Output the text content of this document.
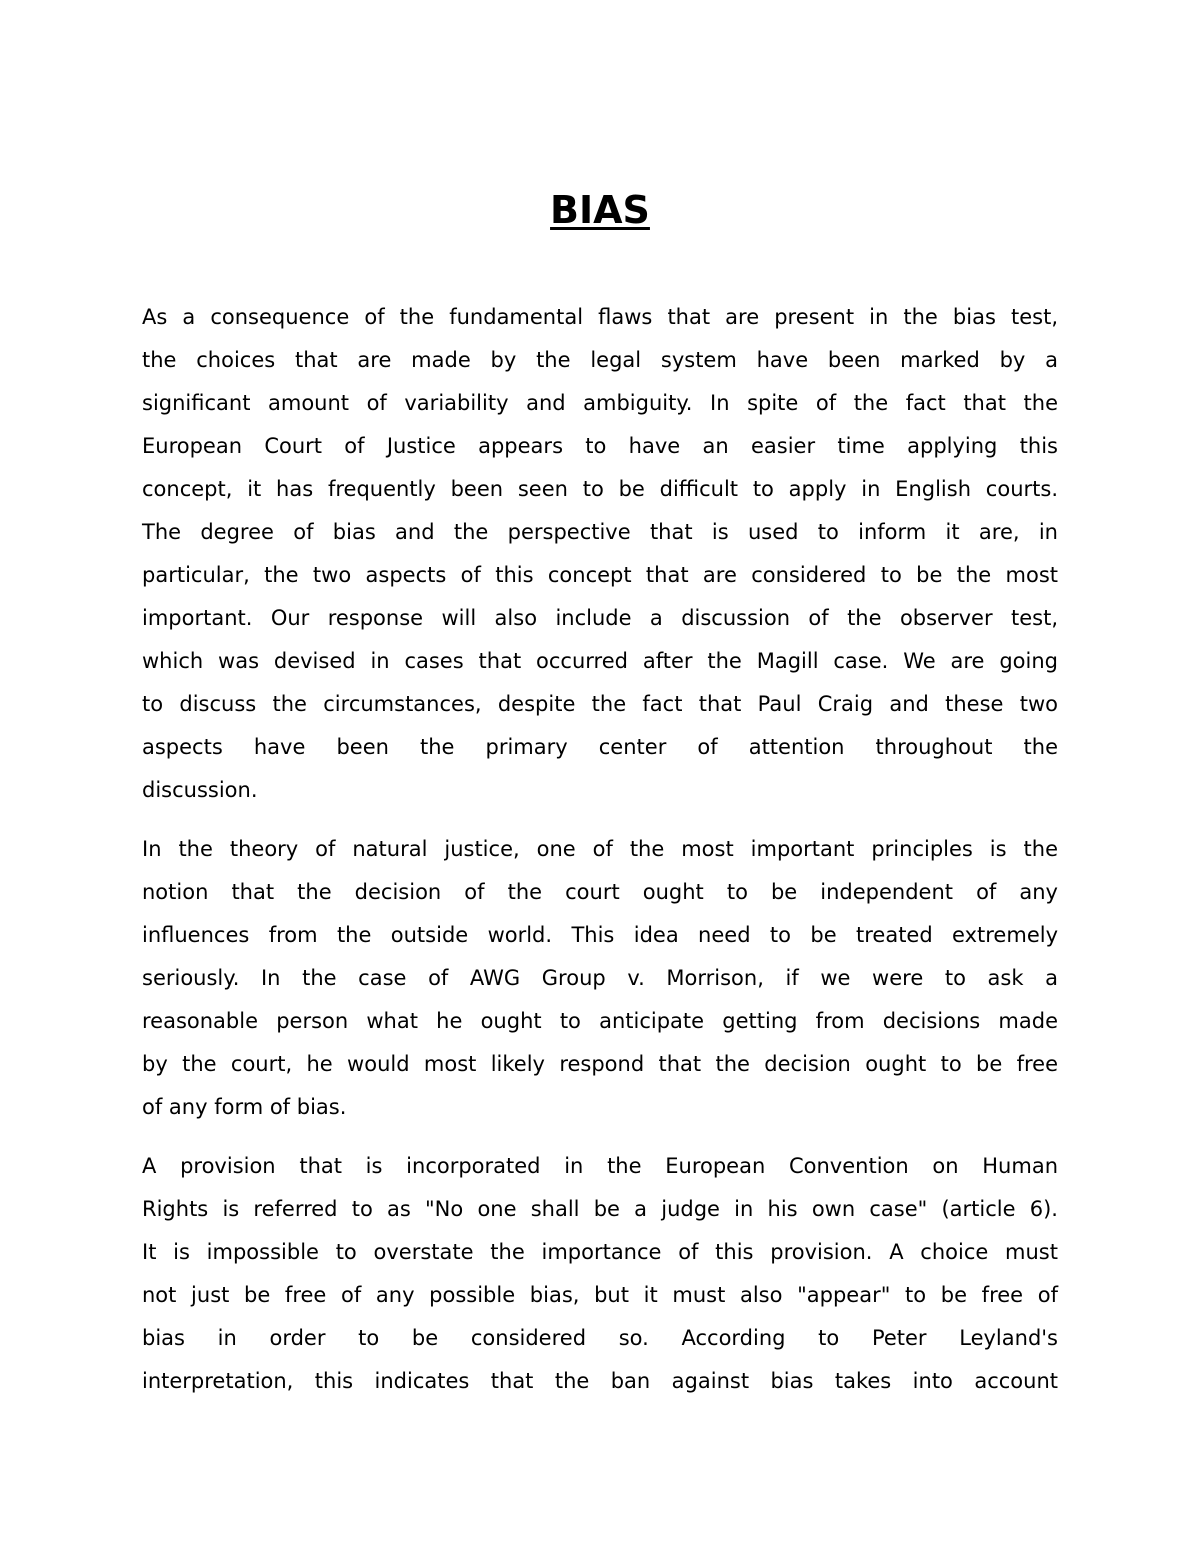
BIAS
As a consequence of the fundamental flaws that are present in the bias test,
the choices that are made by the legal system have been marked by a
significant amount of variability and ambiguity. In spite of the fact that the
European Court of Justice appears to have an easier time applying this
concept, it has frequently been seen to be difficult to apply in English courts.
The degree of bias and the perspective that is used to inform it are, in
particular, the two aspects of this concept that are considered to be the most
important. Our response will also include a discussion of the observer test,
which was devised in cases that occurred after the Magill case. We are going
to discuss the circumstances, despite the fact that Paul Craig and these two
aspects have been the primary center of attention throughout the
discussion.
In the theory of natural justice, one of the most important principles is the
notion that the decision of the court ought to be independent of any
influences from the outside world. This idea need to be treated extremely
seriously. In the case of AWG Group v. Morrison, if we were to ask a
reasonable person what he ought to anticipate getting from decisions made
by the court, he would most likely respond that the decision ought to be free
of any form of bias.
A provision that is incorporated in the European Convention on Human
Rights is referred to as "No one shall be a judge in his own case" (article 6).
It is impossible to overstate the importance of this provision. A choice must
not just be free of any possible bias, but it must also "appear" to be free of
bias in order to be considered so. According to Peter Leyland's
interpretation, this indicates that the ban against bias takes into account
